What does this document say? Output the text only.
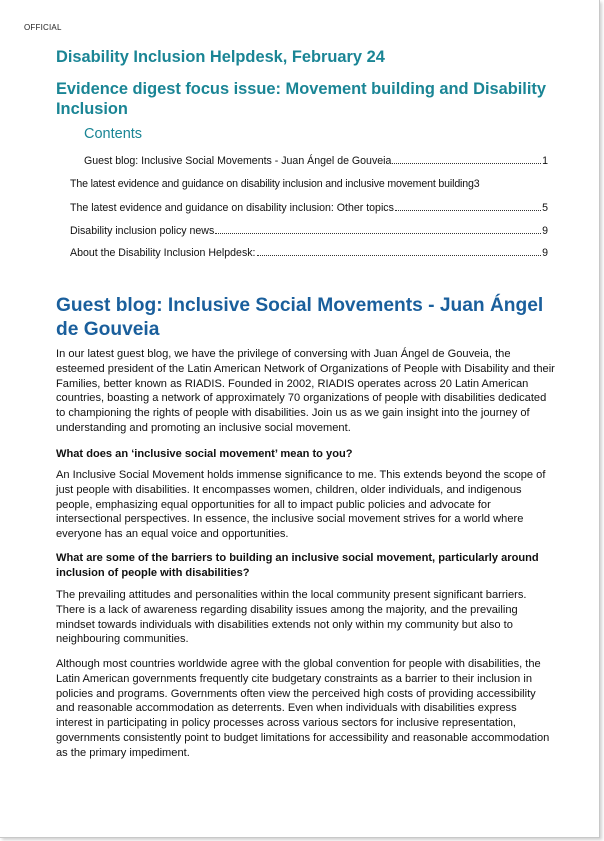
OFFICIAL
Disability Inclusion Helpdesk, February 24
Evidence digest focus issue: Movement building and Disability Inclusion
Contents
Guest blog: Inclusive Social Movements - Juan Ángel de Gouveia	1
The latest evidence and guidance on disability inclusion and inclusive movement building 3
The latest evidence and guidance on disability inclusion: Other topics	5
Disability inclusion policy news	9
About the Disability Inclusion Helpdesk:	9
Guest blog: Inclusive Social Movements - Juan Ángel de Gouveia

In our latest guest blog, we have the privilege of conversing with Juan Ángel de Gouveia, the esteemed president of the Latin American Network of Organizations of People with Disability and their Families, better known as RIADIS. Founded in 2002, RIADIS operates across 20 Latin American countries, boasting a network of approximately 70 organizations of people with disabilities dedicated to championing the rights of people with disabilities. Join us as we gain insight into the journey of understanding and promoting an inclusive social movement.

What does an ‘inclusive social movement’ mean to you?

An Inclusive Social Movement holds immense significance to me. This extends beyond the scope of just people with disabilities. It encompasses women, children, older individuals, and indigenous people, emphasizing equal opportunities for all to impact public policies and advocate for intersectional perspectives. In essence, the inclusive social movement strives for a world where everyone has an equal voice and opportunities.

What are some of the barriers to building an inclusive social movement, particularly around inclusion of people with disabilities?

The prevailing attitudes and personalities within the local community present significant barriers. There is a lack of awareness regarding disability issues among the majority, and the prevailing mindset towards individuals with disabilities extends not only within my community but also to neighbouring communities.

Although most countries worldwide agree with the global convention for people with disabilities, the Latin American governments frequently cite budgetary constraints as a barrier to their inclusion in policies and programs. Governments often view the perceived high costs of providing accessibility and reasonable accommodation as deterrents. Even when individuals with disabilities express interest in participating in policy processes across various sectors for inclusive representation, governments consistently point to budget limitations for accessibility and reasonable accommodation as the primary impediment.
